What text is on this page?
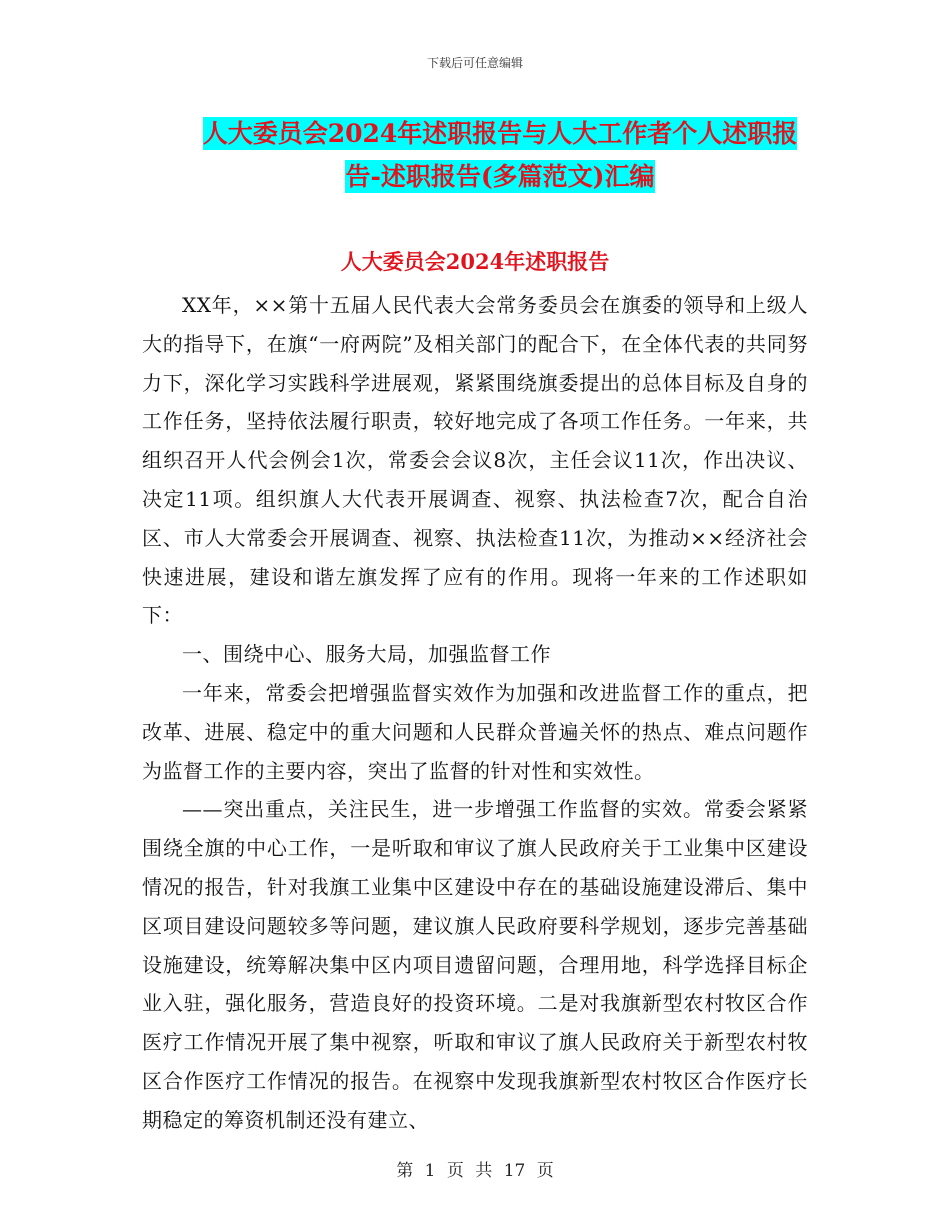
下载后可任意编辑
人大委员会2024年述职报告与人大工作者个人述职报
告-述职报告(多篇范文)汇编
人大委员会2024年述职报告

XX年，××第十五届人民代表大会常务委员会在旗委的领导和上级人大的指导下，在旗“一府两院”及相关部门的配合下，在全体代表的共同努力下，深化学习实践科学进展观，紧紧围绕旗委提出的总体目标及自身的工作任务，坚持依法履行职责，较好地完成了各项工作任务。一年来，共组织召开人代会例会1次，常委会会议8次，主任会议11次，作出决议、决定11项。组织旗人大代表开展调查、视察、执法检查7次，配合自治区、市人大常委会开展调查、视察、执法检查11次，为推动××经济社会快速进展，建设和谐左旗发挥了应有的作用。现将一年来的工作述职如下：

一、围绕中心、服务大局，加强监督工作

一年来，常委会把增强监督实效作为加强和改进监督工作的重点，把改革、进展、稳定中的重大问题和人民群众普遍关怀的热点、难点问题作为监督工作的主要内容，突出了监督的针对性和实效性。

——突出重点，关注民生，进一步增强工作监督的实效。常委会紧紧围绕全旗的中心工作，一是听取和审议了旗人民政府关于工业集中区建设情况的报告，针对我旗工业集中区建设中存在的基础设施建设滞后、集中区项目建设问题较多等问题，建议旗人民政府要科学规划，逐步完善基础设施建设，统筹解决集中区内项目遗留问题，合理用地，科学选择目标企业入驻，强化服务，营造良好的投资环境。二是对我旗新型农村牧区合作医疗工作情况开展了集中视察，听取和审议了旗人民政府关于新型农村牧区合作医疗工作情况的报告。在视察中发现我旗新型农村牧区合作医疗长期稳定的筹资机制还没有建立、

第 1 页 共 17 页
